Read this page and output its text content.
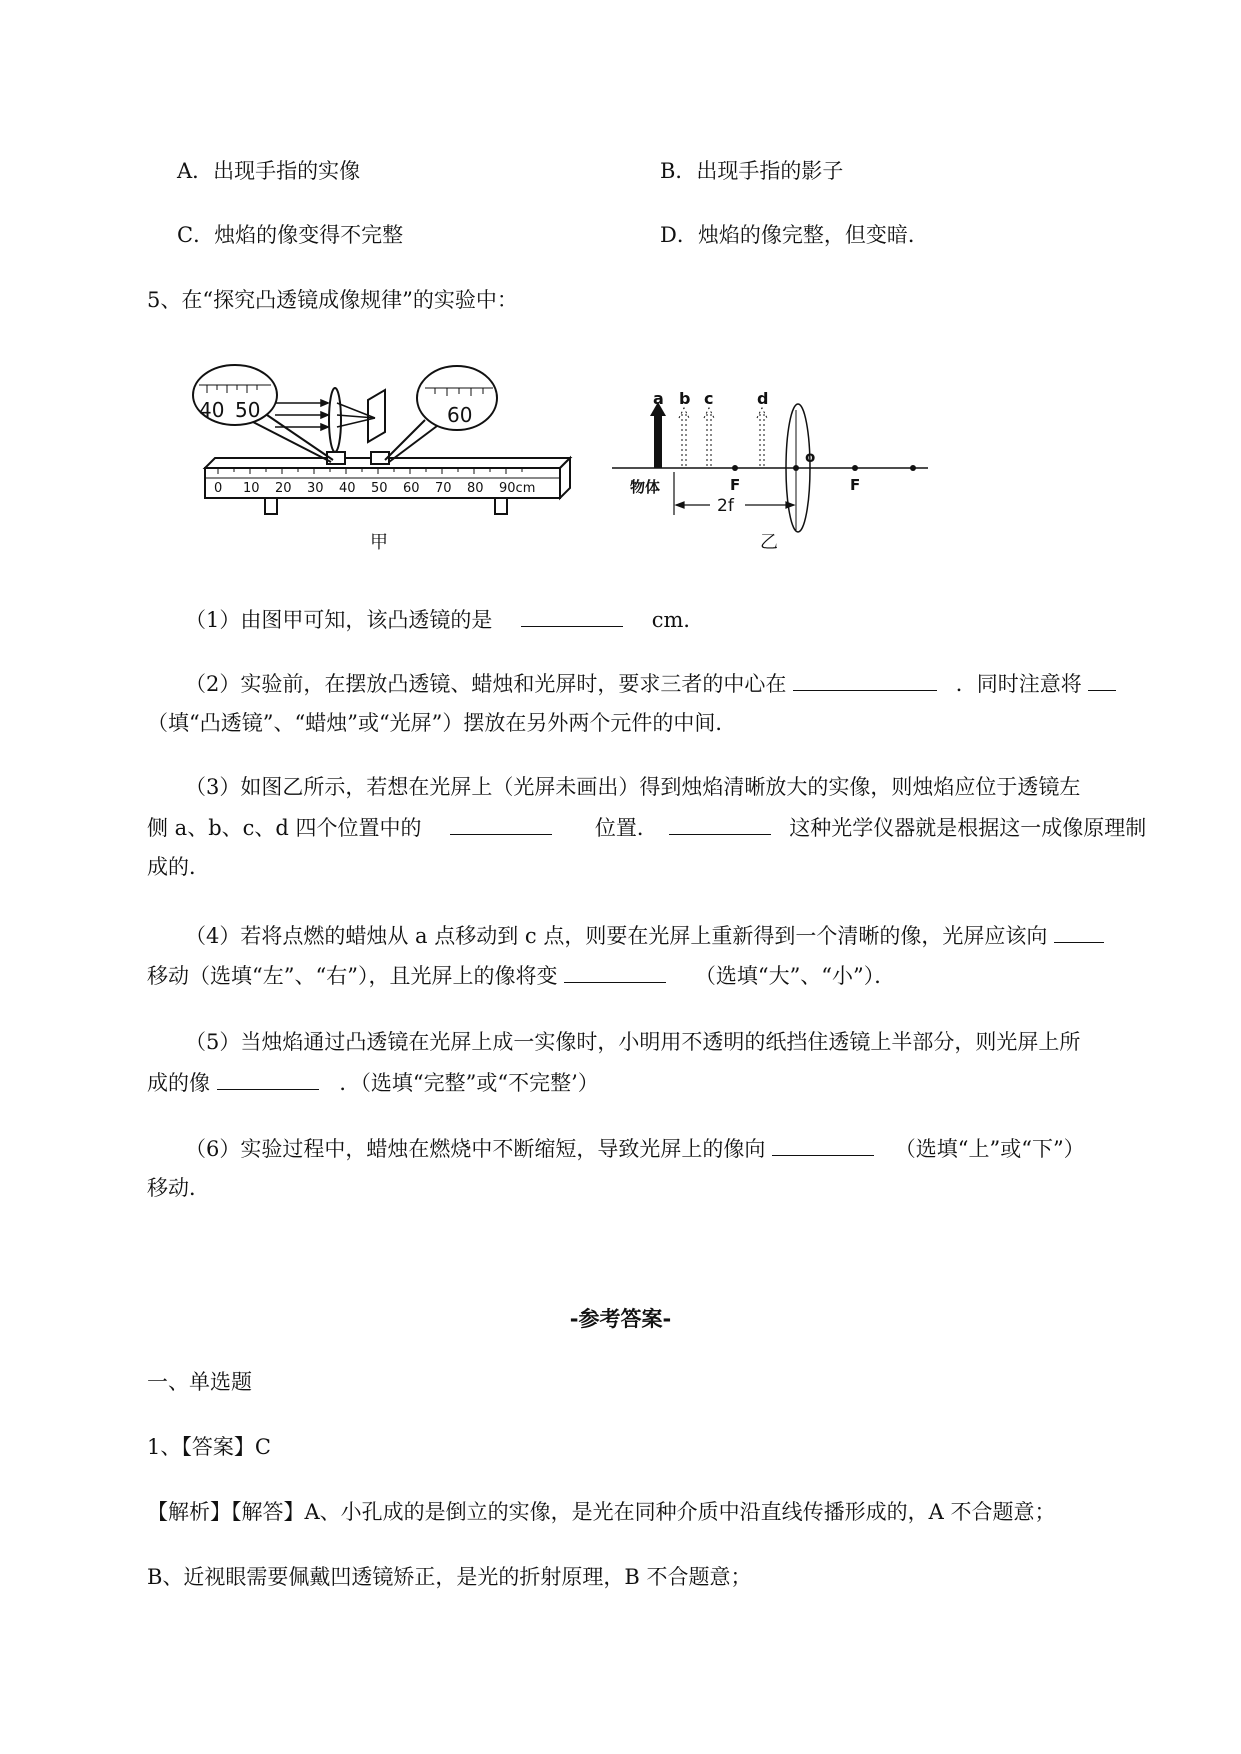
A．出现手指的实像	B．出现手指的影子
C．烛焰的像变得不完整	D．烛焰的像完整，但变暗．
5、在“探究凸透镜成像规律”的实验中：
0 10 20 30 40 50 60 70 80 90cm
40 50	60
甲
a b c	d
o
物体	F	F
2f
乙
（1）由图甲可知，该凸透镜的是	cm．
（2）实验前，在摆放凸透镜、蜡烛和光屏时，要求三者的中心在	．同时注意将
（填“凸透镜”、“蜡烛”或“光屏”）摆放在另外两个元件的中间．
（3）如图乙所示，若想在光屏上（光屏未画出）得到烛焰清晰放大的实像，则烛焰应位于透镜左
侧 a、b、c、d 四个位置中的	位置．	这种光学仪器就是根据这一成像原理制
成的．
（4）若将点燃的蜡烛从 a 点移动到 c 点，则要在光屏上重新得到一个清晰的像，光屏应该向
移动（选填“左”、“右”），且光屏上的像将变	（选填“大”、“小”）．
（5）当烛焰通过凸透镜在光屏上成一实像时，小明用不透明的纸挡住透镜上半部分，则光屏上所
成的像	．（选填“完整”或“不完整’）
（6）实验过程中，蜡烛在燃烧中不断缩短，导致光屏上的像向	（选填“上”或“下”）
移动．
-参考答案-
一、单选题
1、【答案】C
【解析】【解答】A、小孔成的是倒立的实像，是光在同种介质中沿直线传播形成的，A 不合题意；
B、近视眼需要佩戴凹透镜矫正，是光的折射原理，B 不合题意；
